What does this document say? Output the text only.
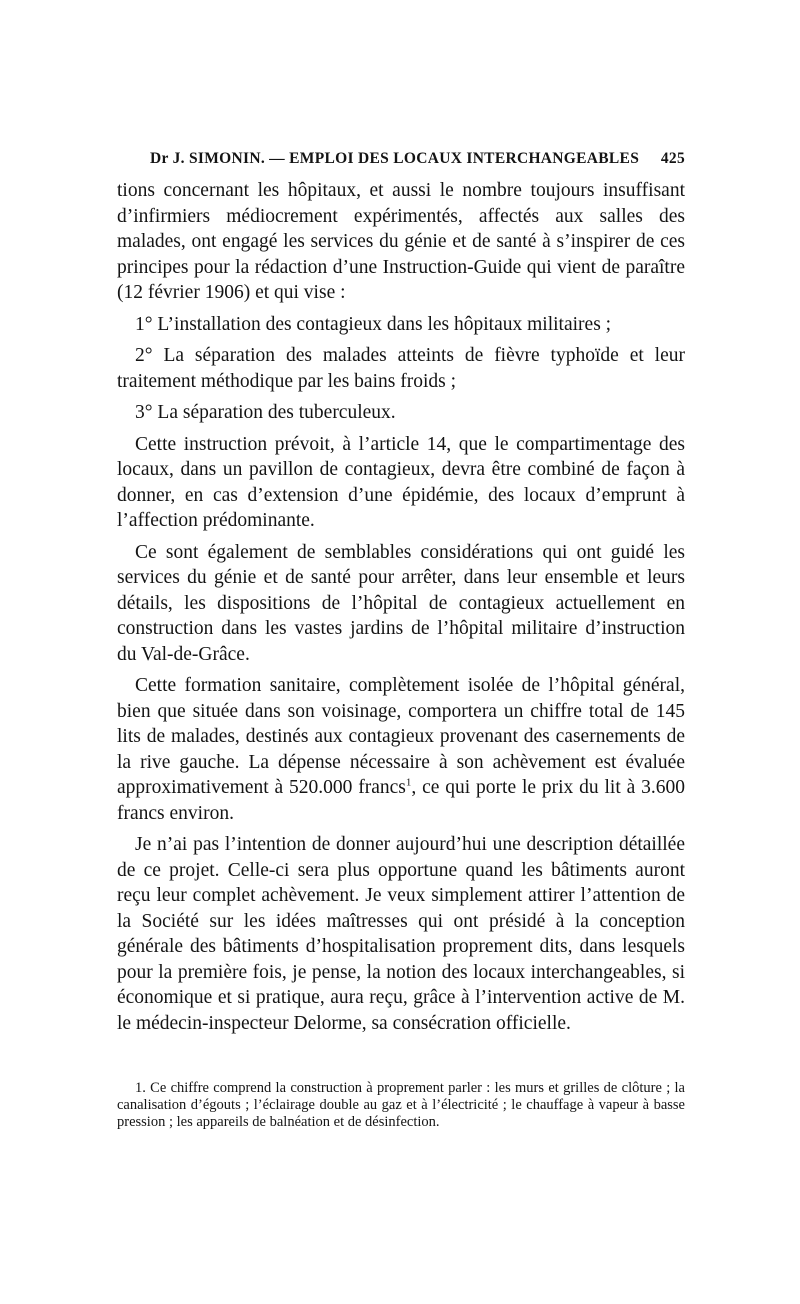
Dr J. SIMONIN. — EMPLOI DES LOCAUX INTERCHANGEABLES 425

tions concernant les hôpitaux, et aussi le nombre toujours insuffisant d’infirmiers médiocrement expérimentés, affectés aux salles des malades, ont engagé les services du génie et de santé à s’inspirer de ces principes pour la rédaction d’une Instruction-Guide qui vient de paraître (12 février 1906) et qui vise :

1° L’installation des contagieux dans les hôpitaux militaires ;

2° La séparation des malades atteints de fièvre typhoïde et leur traitement méthodique par les bains froids ;

3° La séparation des tuberculeux.

Cette instruction prévoit, à l’article 14, que le compartimentage des locaux, dans un pavillon de contagieux, devra être combiné de façon à donner, en cas d’extension d’une épidémie, des locaux d’emprunt à l’affection prédominante.

Ce sont également de semblables considérations qui ont guidé les services du génie et de santé pour arrêter, dans leur ensemble et leurs détails, les dispositions de l’hôpital de contagieux actuellement en construction dans les vastes jardins de l’hôpital militaire d’instruction du Val-de-Grâce.

Cette formation sanitaire, complètement isolée de l’hôpital général, bien que située dans son voisinage, comportera un chiffre total de 145 lits de malades, destinés aux contagieux provenant des casernements de la rive gauche. La dépense nécessaire à son achèvement est évaluée approximativement à 520.000 francs$^1$, ce qui porte le prix du lit à 3.600 francs environ.

Je n’ai pas l’intention de donner aujourd’hui une description détaillée de ce projet. Celle-ci sera plus opportune quand les bâtiments auront reçu leur complet achèvement. Je veux simplement attirer l’attention de la Société sur les idées maîtresses qui ont présidé à la conception générale des bâtiments d’hospitalisation proprement dits, dans lesquels pour la première fois, je pense, la notion des locaux interchangeables, si économique et si pratique, aura reçu, grâce à l’intervention active de M. le médecin-inspecteur Delorme, sa consécration officielle.

1. Ce chiffre comprend la construction à proprement parler : les murs et grilles de clôture ; la canalisation d’égouts ; l’éclairage double au gaz et à l’électricité ; le chauffage à vapeur à basse pression ; les appareils de balnéation et de désinfection.
